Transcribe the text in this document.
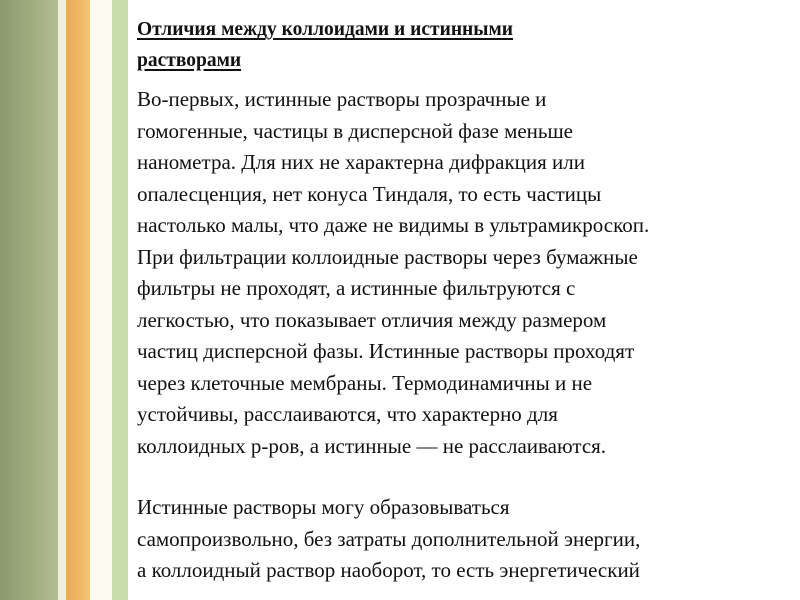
Отличия между коллоидами и истинными
растворами

Во-первых, истинные растворы прозрачные и
гомогенные, частицы в дисперсной фазе меньше
нанометра. Для них не характерна дифракция или
опалесценция, нет конуса Тиндаля, то есть частицы
настолько малы, что даже не видимы в ультрамикроскоп.
При фильтрации коллоидные растворы через бумажные
фильтры не проходят, а истинные фильтруются с
легкостью, что показывает отличия между размером
частиц дисперсной фазы. Истинные растворы проходят
через клеточные мембраны. Термодинамичны и не
устойчивы, расслаиваются, что характерно для
коллоидных р-ров, а истинные — не расслаиваются.

Истинные растворы могу образовываться
самопроизвольно, без затраты дополнительной энергии,
а коллоидный раствор наоборот, то есть энергетический
